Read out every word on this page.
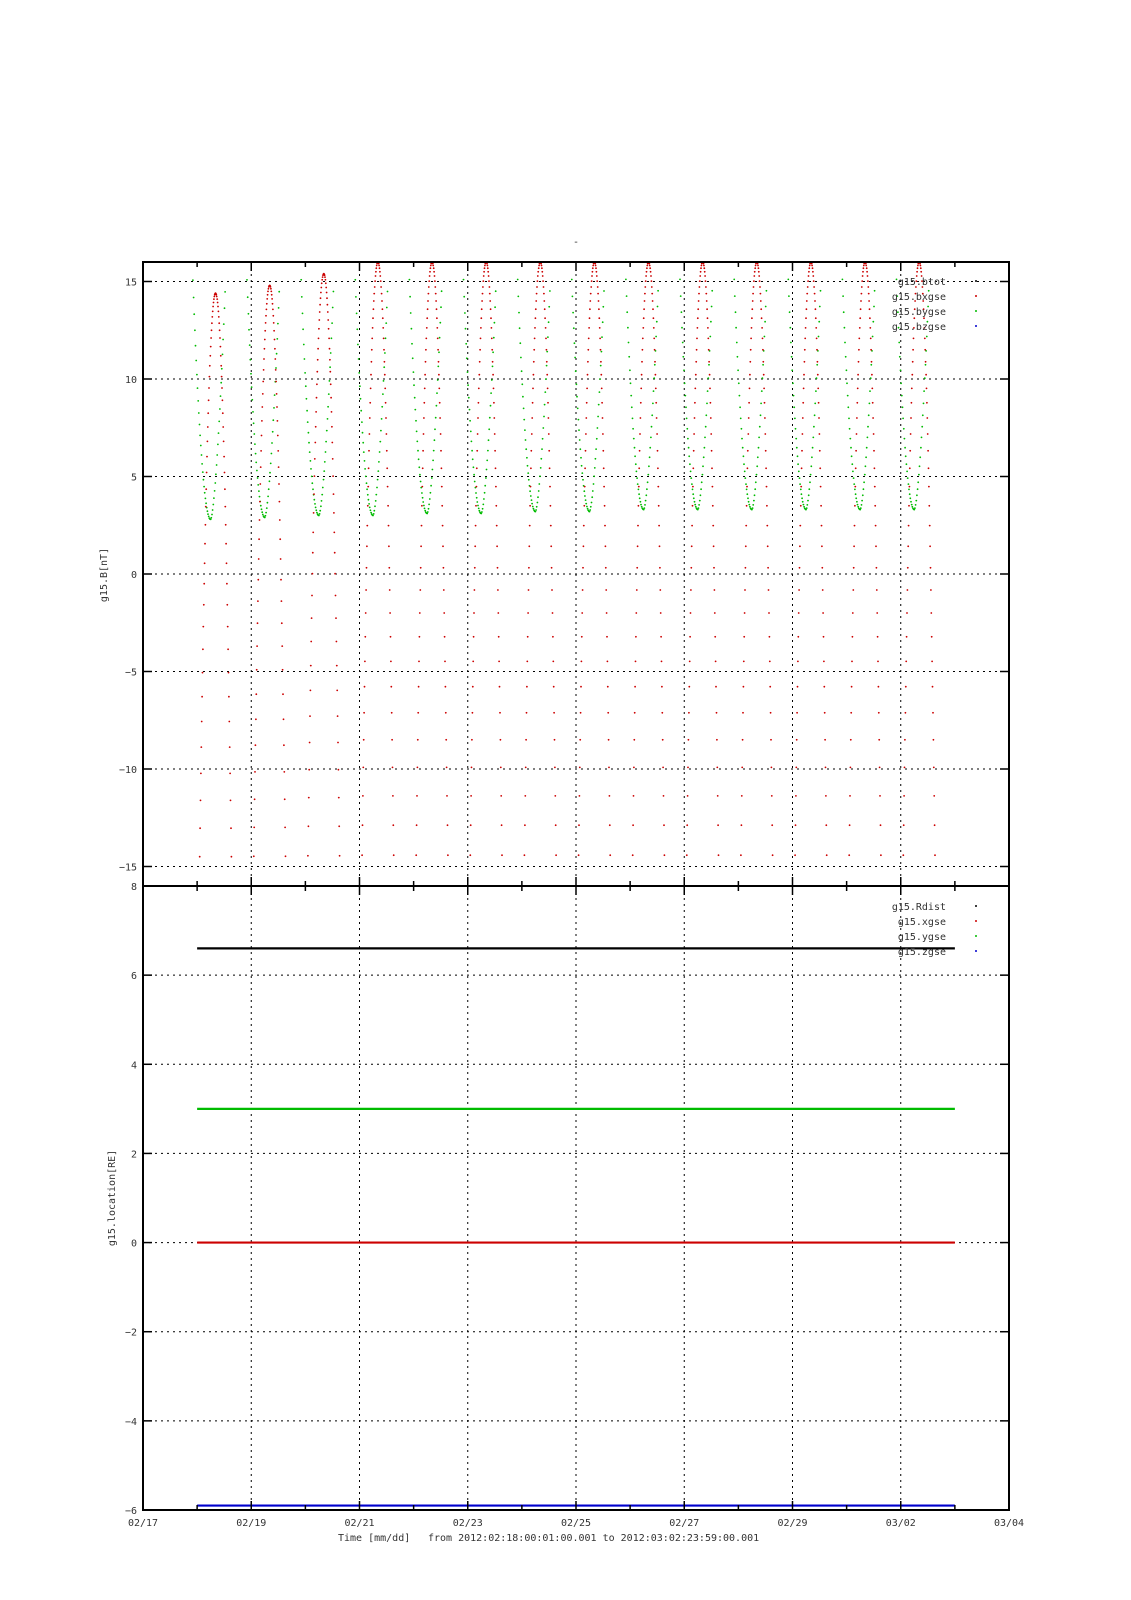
-
−15
−10
−5
0
5
10
15	g15.btot
g15.bxgse
g15.bygse
g15.bzgse
g15.B[nT]
−6
−4
−2
0
2
4
6
8
g15.Rdist
g15.xgse
g15.ygse
g15.zgse
g15.location[RE]
02/17	02/19	02/21	02/23	02/25	02/27	02/29	03/02	03/04
Time [mm/dd] from 2012:02:18:00:01:00.001 to 2012:03:02:23:59:00.001
